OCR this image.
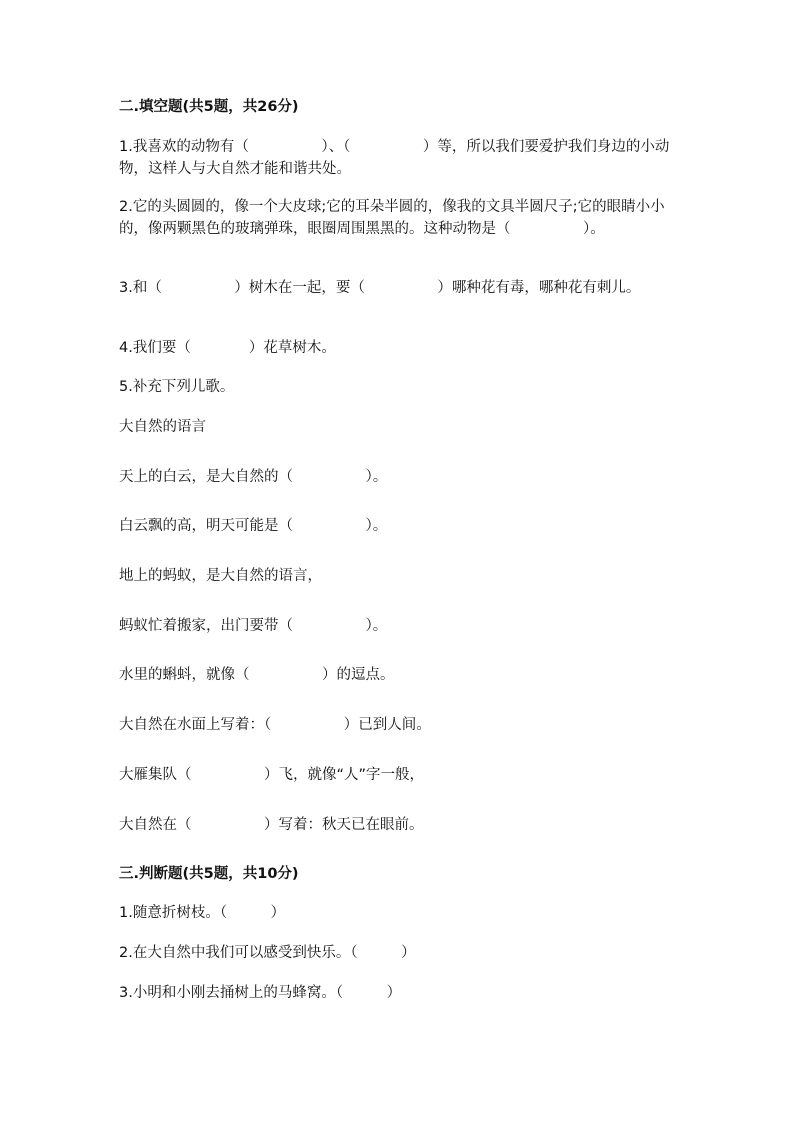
二.填空题(共5题，共26分)
1.我喜欢的动物有（　　　　　）、（　　　　　）等，所以我们要爱护我们身边的小动物，这样人与大自然才能和谐共处。
2.它的头圆圆的，像一个大皮球;它的耳朵半圆的，像我的文具半圆尺子;它的眼睛小小的，像两颗黑色的玻璃弹珠，眼圈周围黑黑的。这种动物是（　　　　　）。
3.和（　　　　　）树木在一起，要（　　　　　）哪种花有毒，哪种花有刺儿。
4.我们要（　　　　）花草树木。
5.补充下列儿歌。
大自然的语言
天上的白云，是大自然的（　　　　　）。
白云飘的高，明天可能是（　　　　　）。
地上的蚂蚁，是大自然的语言，
蚂蚁忙着搬家，出门要带（　　　　　）。
水里的蝌蚪，就像（　　　　　）的逗点。
大自然在水面上写着：（　　　　　）已到人间。
大雁集队（　　　　　）飞，就像“人”字一般，
大自然在（　　　　　）写着：秋天已在眼前。
三.判断题(共5题，共10分)
1.随意折树枝。（　　　）
2.在大自然中我们可以感受到快乐。（　　　）
3.小明和小刚去捅树上的马蜂窝。（　　　）
